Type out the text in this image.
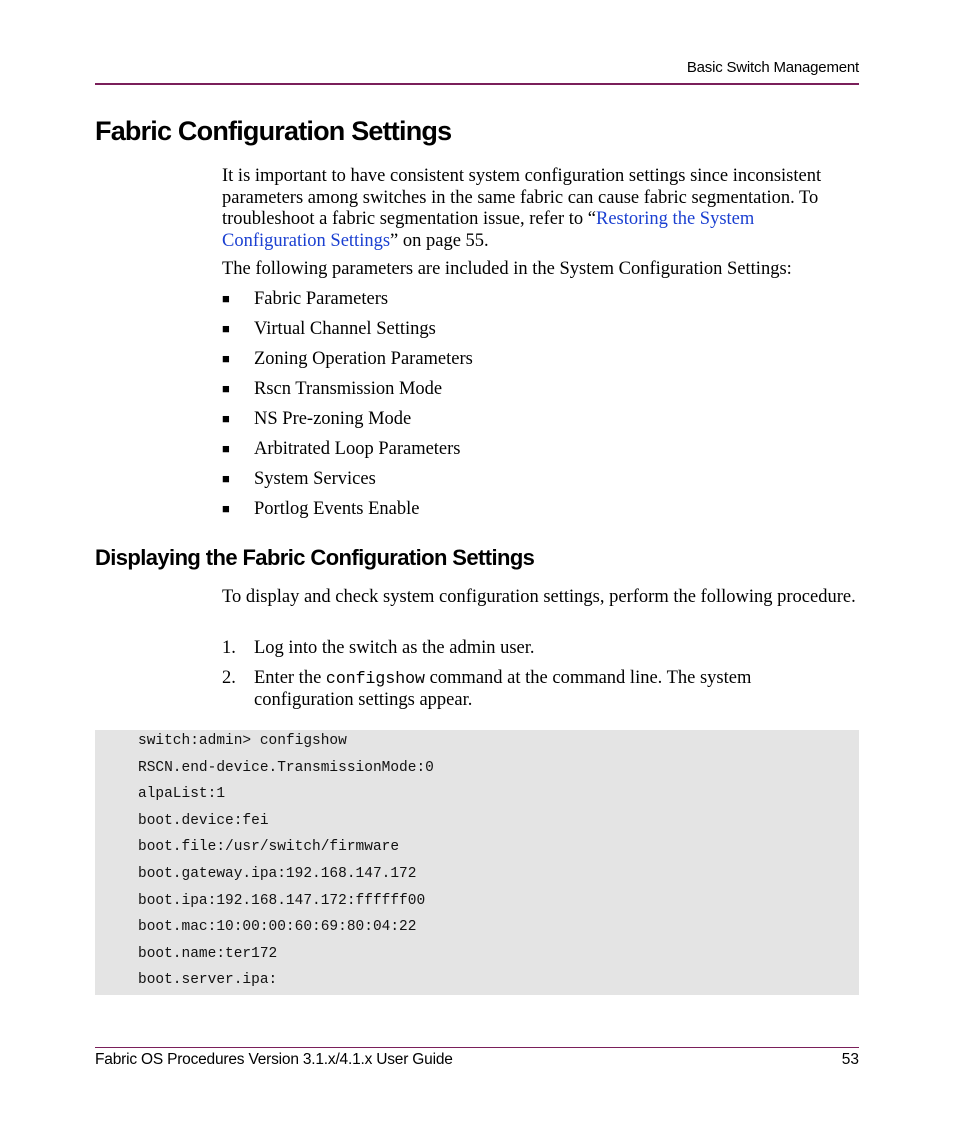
Basic Switch Management
Fabric Configuration Settings
It is important to have consistent system configuration settings since inconsistent parameters among switches in the same fabric can cause fabric segmentation. To troubleshoot a fabric segmentation issue, refer to “Restoring the System Configuration Settings” on page 55.
The following parameters are included in the System Configuration Settings:
■ Fabric Parameters
■ Virtual Channel Settings
■ Zoning Operation Parameters
■ Rscn Transmission Mode
■ NS Pre-zoning Mode
■ Arbitrated Loop Parameters
■ System Services
■ Portlog Events Enable
Displaying the Fabric Configuration Settings
To display and check system configuration settings, perform the following procedure.
1. Log into the switch as the admin user.
2. Enter the configshow command at the command line. The system configuration settings appear.
switch:admin> configshow
RSCN.end-device.TransmissionMode:0
alpaList:1
boot.device:fei
boot.file:/usr/switch/firmware
boot.gateway.ipa:192.168.147.172
boot.ipa:192.168.147.172:ffffff00
boot.mac:10:00:00:60:69:80:04:22
boot.name:ter172
boot.server.ipa:
Fabric OS Procedures Version 3.1.x/4.1.x User Guide	53
